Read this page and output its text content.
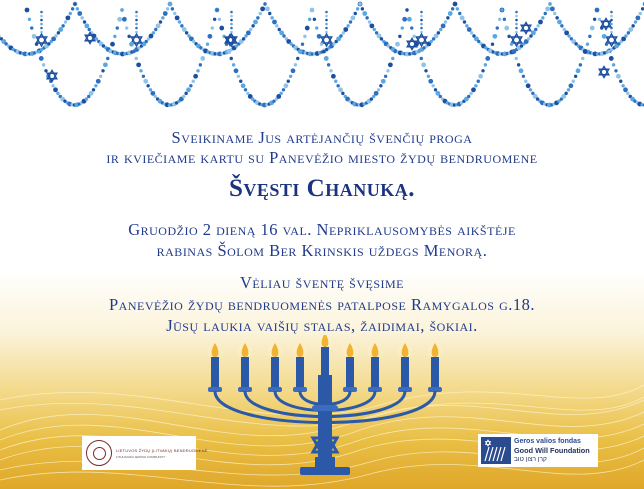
Sveikiname Jus artėjančių švenčių proga
ir kviečiame kartu su Panevėžio miesto žydų bendruomene
Švęsti Chanuką.
Gruodžio 2 dieną 16 val. Nepriklausomybės aikštėje
rabinas Šolom Ber Krinskis uždegs Menorą.
Vėliau šventę švęsime
Panevėžio žydų bendruomenės patalpose Ramygalos g.18.
Jūsų laukia vaišių stalas, žaidimai, šokiai.
LIETUVOS ŽYDŲ (LITVAKŲ) BENDRUOMENĖ
LITHUANIAN JEWISH COMMUNITY
Geros valios fondas
Good Will Foundation
קרן רצון טוב
